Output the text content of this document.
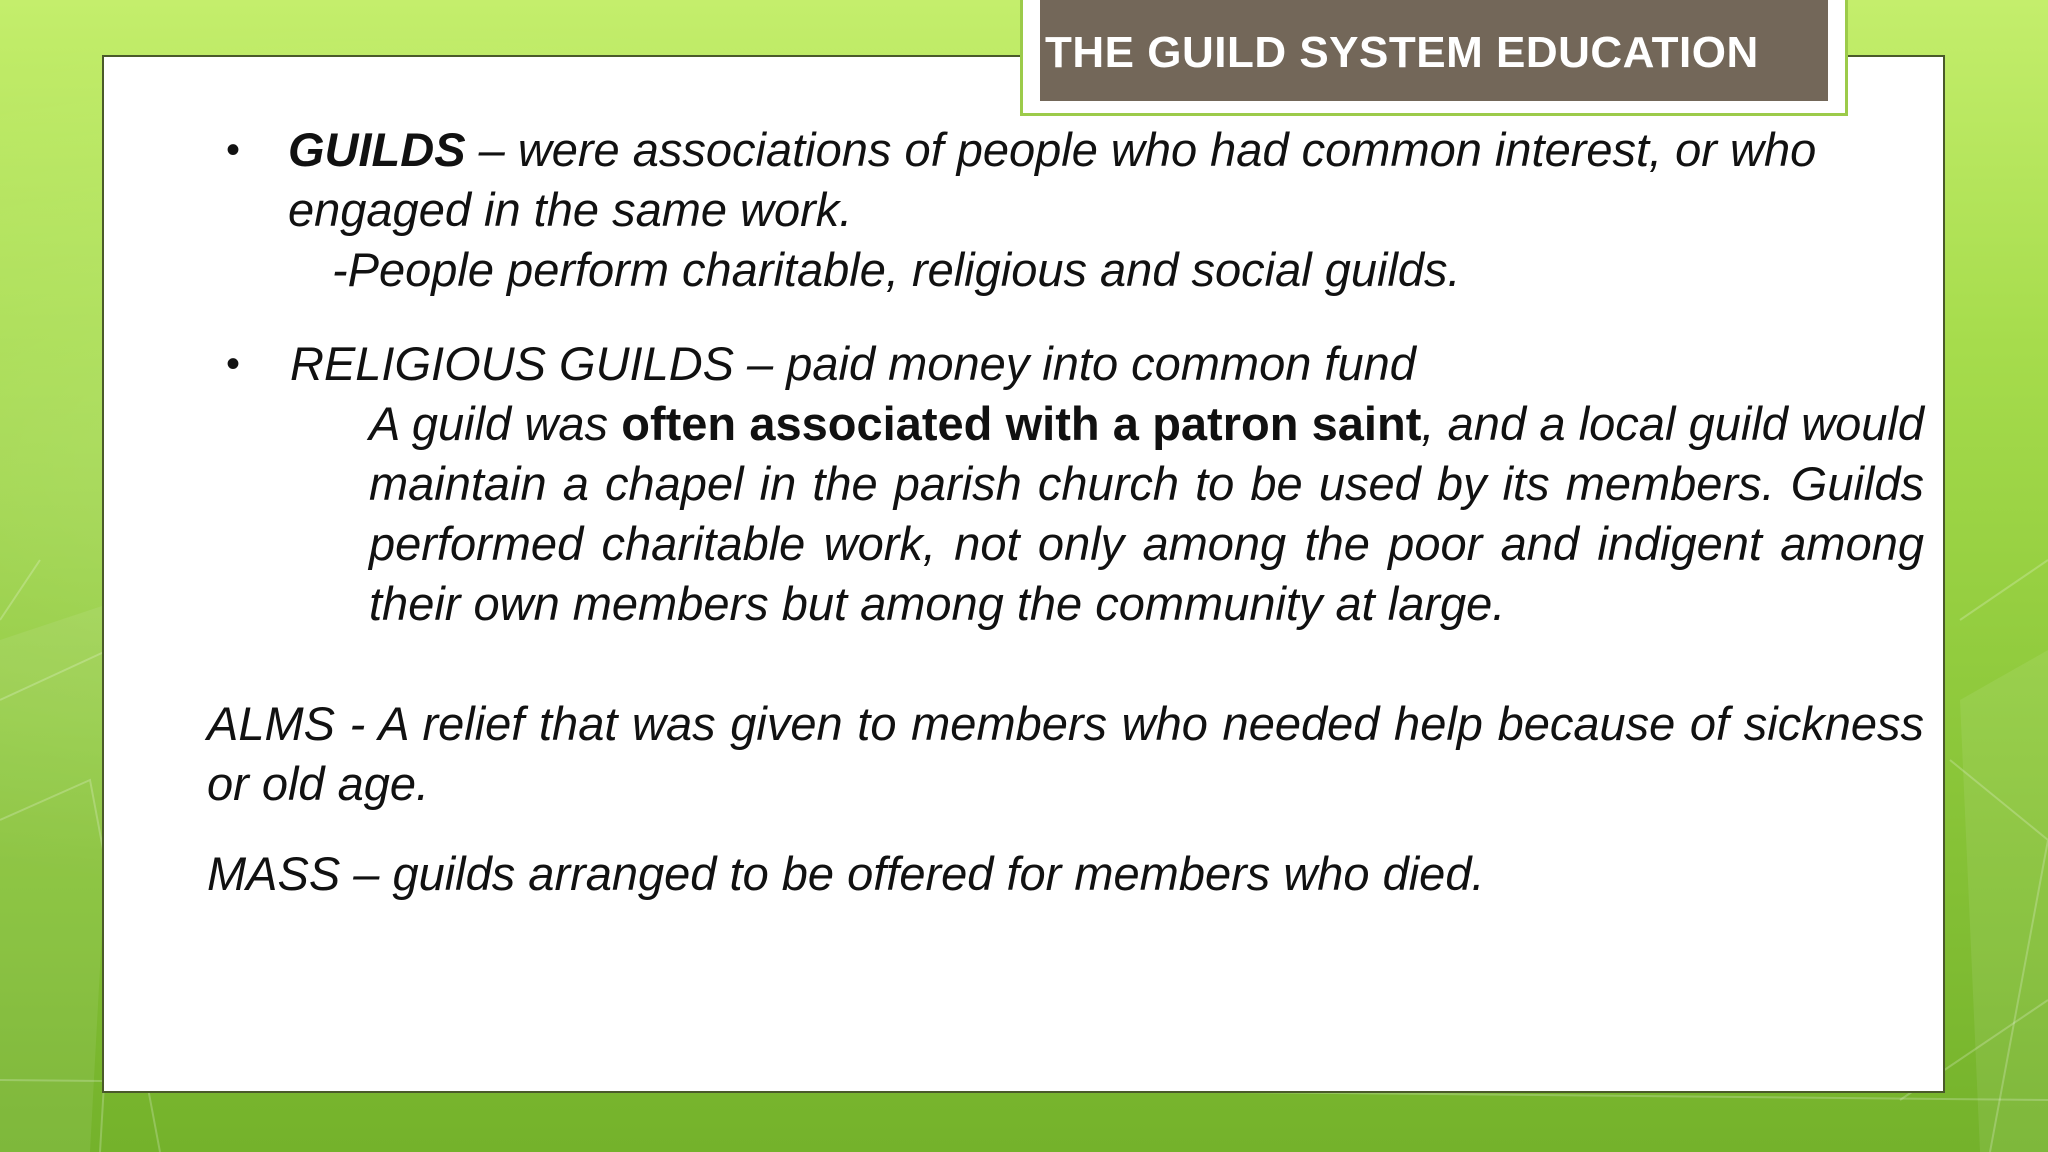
THE GUILD SYSTEM EDUCATION
• GUILDS – were associations of people who had common interest, or who
engaged in the same work.
-People perform charitable, religious and social guilds.
• RELIGIOUS GUILDS – paid money into common fund
A guild was often associated with a patron saint, and a local guild would maintain a chapel in the parish church to be used by its members. Guilds performed charitable work, not only among the poor and indigent among their own members but among the community at large.
ALMS - A relief that was given to members who needed help because of sickness or old age.
MASS – guilds arranged to be offered for members who died.
